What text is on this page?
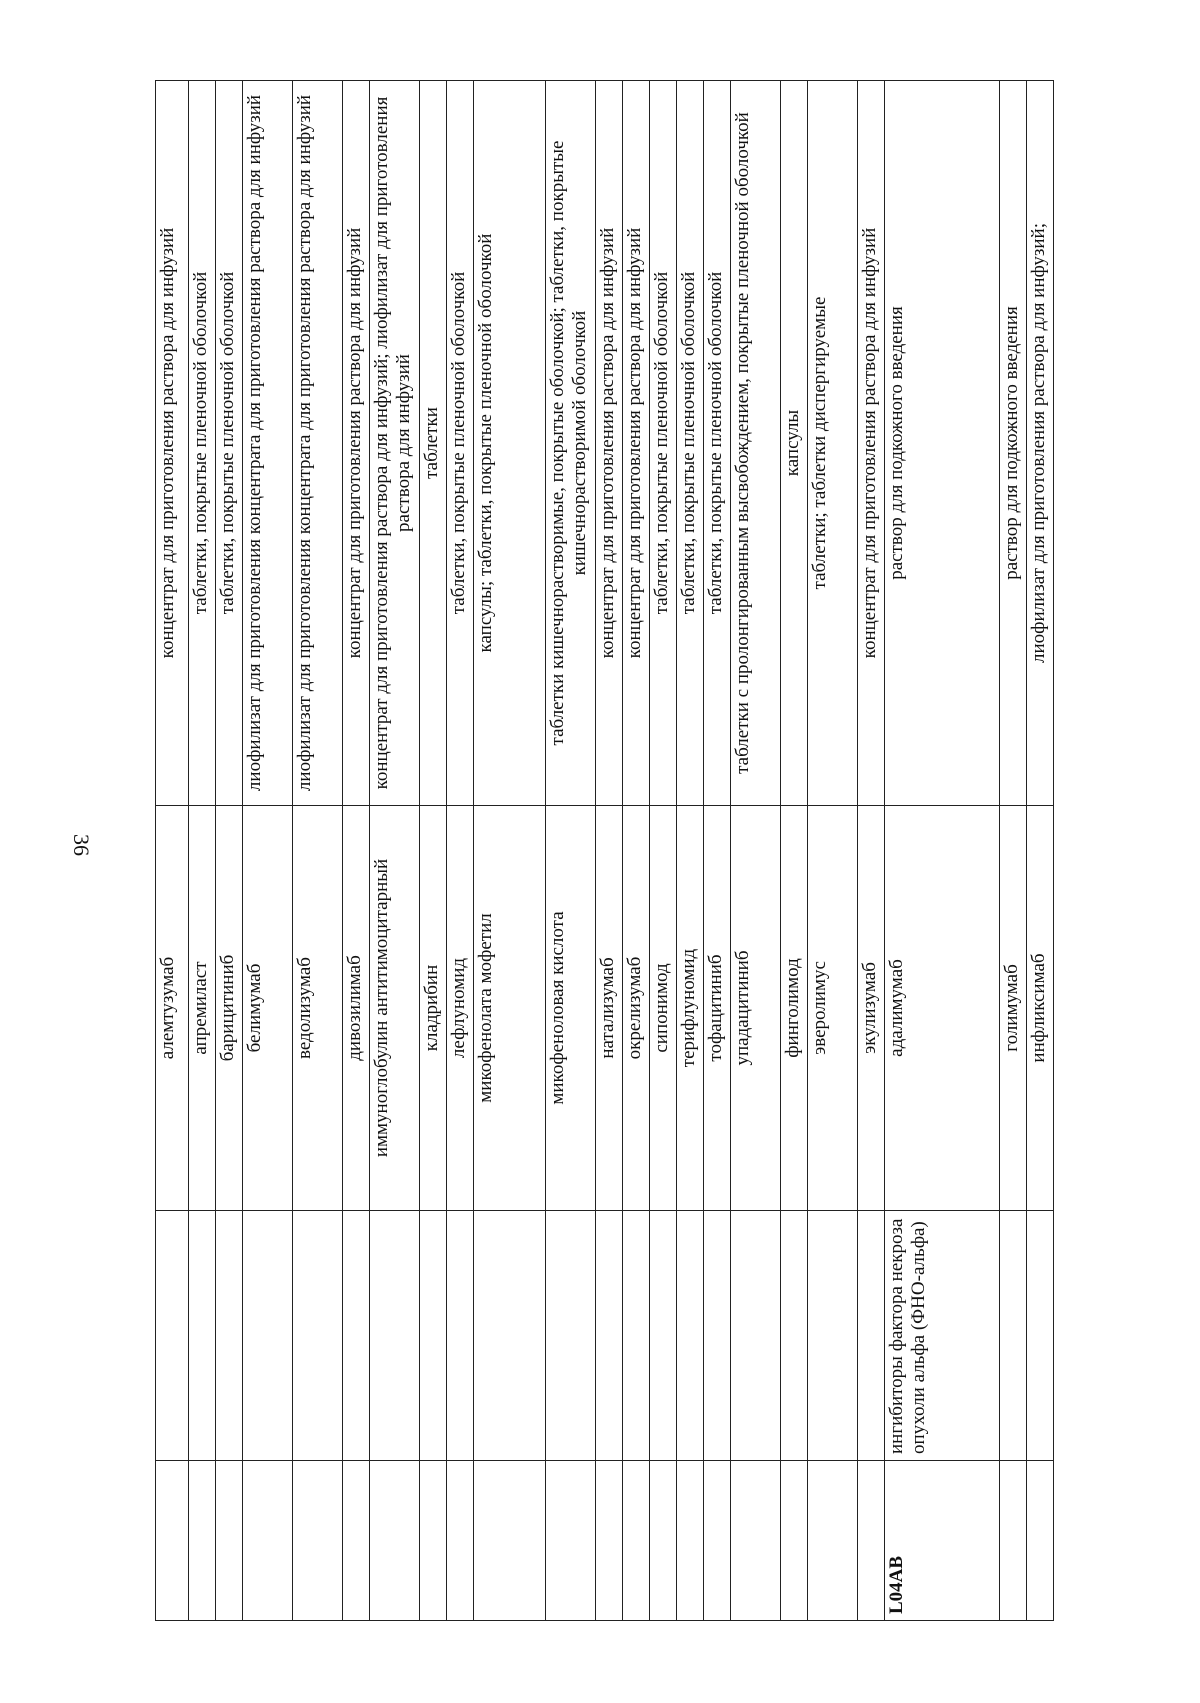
36
		алемтузумаб	концентрат для приготовления раствора для инфузий
		апремиласт	таблетки, покрытые пленочной оболочкой
		барицитиниб	таблетки, покрытые пленочной оболочкой
		белимумаб	лиофилизат для приготовления концентрата для приготовления раствора для инфузий
		ведолизумаб	лиофилизат для приготовления концентрата для приготовления раствора для инфузий
		дивозилимаб	концентрат для приготовления раствора для инфузий
		иммуноглобулин антитимоцитарный	концентрат для приготовления раствора для инфузий; лиофилизат для приготовления раствора для инфузий
		кладрибин	таблетки
		лефлуномид	таблетки, покрытые пленочной оболочкой
		микофенолата мофетил	капсулы; таблетки, покрытые пленочной оболочкой
		микофеноловая кислота	таблетки кишечнорастворимые, покрытые оболочкой; таблетки, покрытые кишечнорастворимой оболочкой
		натализумаб	концентрат для приготовления раствора для инфузий
		окрелизумаб	концентрат для приготовления раствора для инфузий
		сипонимод	таблетки, покрытые пленочной оболочкой
		терифлуномид	таблетки, покрытые пленочной оболочкой
		тофацитиниб	таблетки, покрытые пленочной оболочкой
		упадацитиниб	таблетки с пролонгированным высвобождением, покрытые пленочной оболочкой
		финголимод	капсулы
		эверолимус	таблетки; таблетки диспергируемые
		экулизумаб	концентрат для приготовления раствора для инфузий
L04AB	ингибиторы фактора некроза опухоли альфа (ФНО-альфа)	адалимумаб	раствор для подкожного введения
		голимумаб	раствор для подкожного введения
		инфликсимаб	лиофилизат для приготовления раствора для инфузий;
